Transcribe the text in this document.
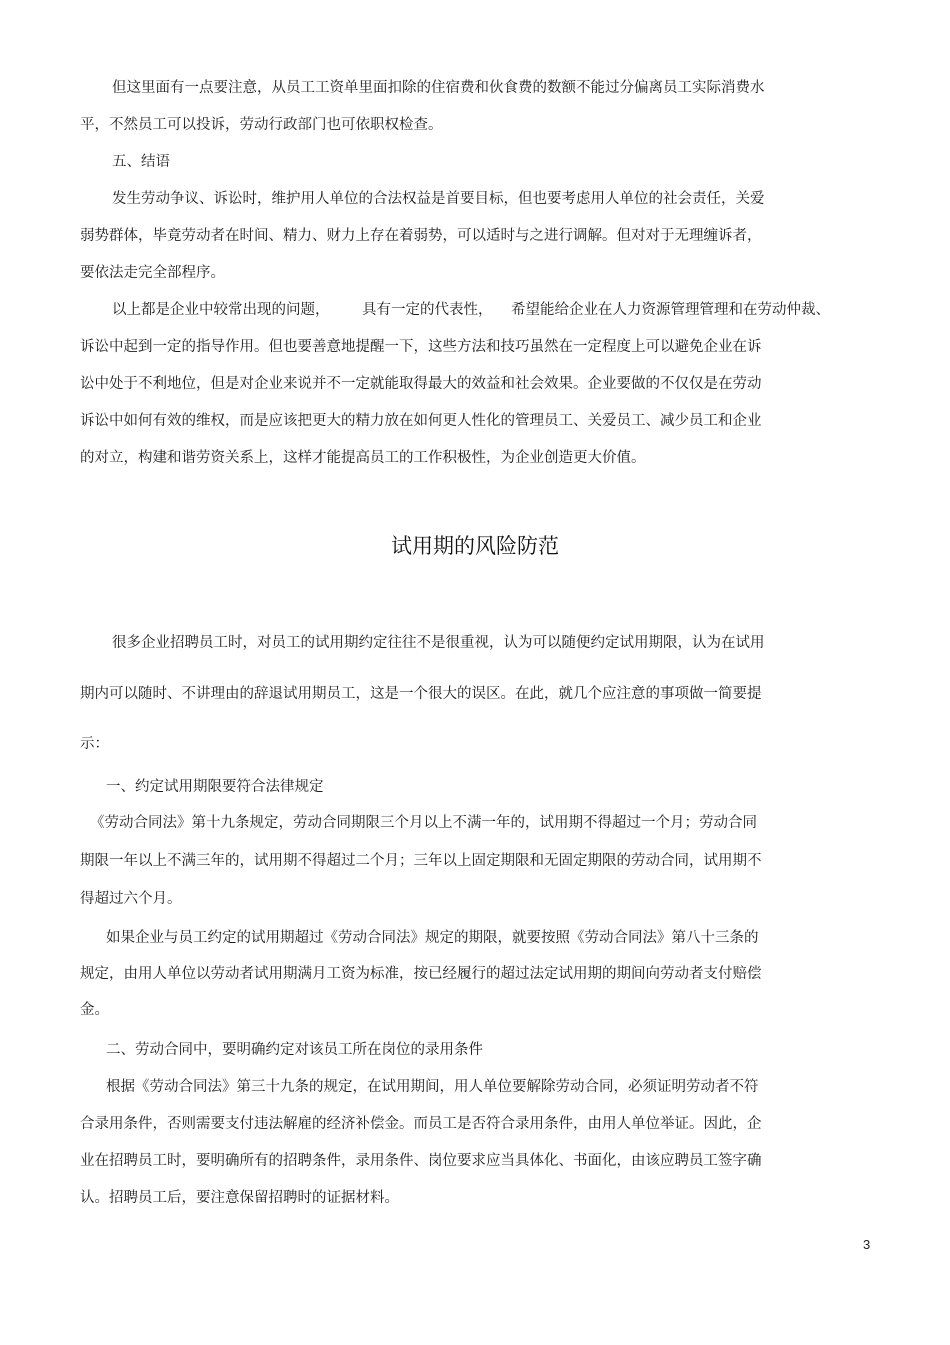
但这里面有一点要注意，从员工工资单里面扣除的住宿费和伙食费的数额不能过分偏离员工实际消费水
平，不然员工可以投诉，劳动行政部门也可依职权检查。
五、结语
发生劳动争议、诉讼时，维护用人单位的合法权益是首要目标，但也要考虑用人单位的社会责任，关爱
弱势群体，毕竟劳动者在时间、精力、财力上存在着弱势，可以适时与之进行调解。但对对于无理缠诉者，
要依法走完全部程序。
以上都是企业中较常出现的问题， 具有一定的代表性， 希望能给企业在人力资源管理管理和在劳动仲裁、
诉讼中起到一定的指导作用。但也要善意地提醒一下，这些方法和技巧虽然在一定程度上可以避免企业在诉
讼中处于不利地位，但是对企业来说并不一定就能取得最大的效益和社会效果。企业要做的不仅仅是在劳动
诉讼中如何有效的维权，而是应该把更大的精力放在如何更人性化的管理员工、关爱员工、减少员工和企业
的对立，构建和谐劳资关系上，这样才能提高员工的工作积极性，为企业创造更大价值。
试用期的风险防范
很多企业招聘员工时，对员工的试用期约定往往不是很重视，认为可以随便约定试用期限，认为在试用
期内可以随时、不讲理由的辞退试用期员工，这是一个很大的误区。在此，就几个应注意的事项做一简要提
示：
一、约定试用期限要符合法律规定
《劳动合同法》第十九条规定，劳动合同期限三个月以上不满一年的，试用期不得超过一个月；劳动合同
期限一年以上不满三年的，试用期不得超过二个月；三年以上固定期限和无固定期限的劳动合同，试用期不
得超过六个月。
如果企业与员工约定的试用期超过《劳动合同法》规定的期限，就要按照《劳动合同法》第八十三条的
规定，由用人单位以劳动者试用期满月工资为标准，按已经履行的超过法定试用期的期间向劳动者支付赔偿
金。
二、劳动合同中，要明确约定对该员工所在岗位的录用条件
根据《劳动合同法》第三十九条的规定，在试用期间，用人单位要解除劳动合同，必须证明劳动者不符
合录用条件，否则需要支付违法解雇的经济补偿金。而员工是否符合录用条件，由用人单位举证。因此，企
业在招聘员工时，要明确所有的招聘条件，录用条件、岗位要求应当具体化、书面化，由该应聘员工签字确
认。招聘员工后，要注意保留招聘时的证据材料。
3
